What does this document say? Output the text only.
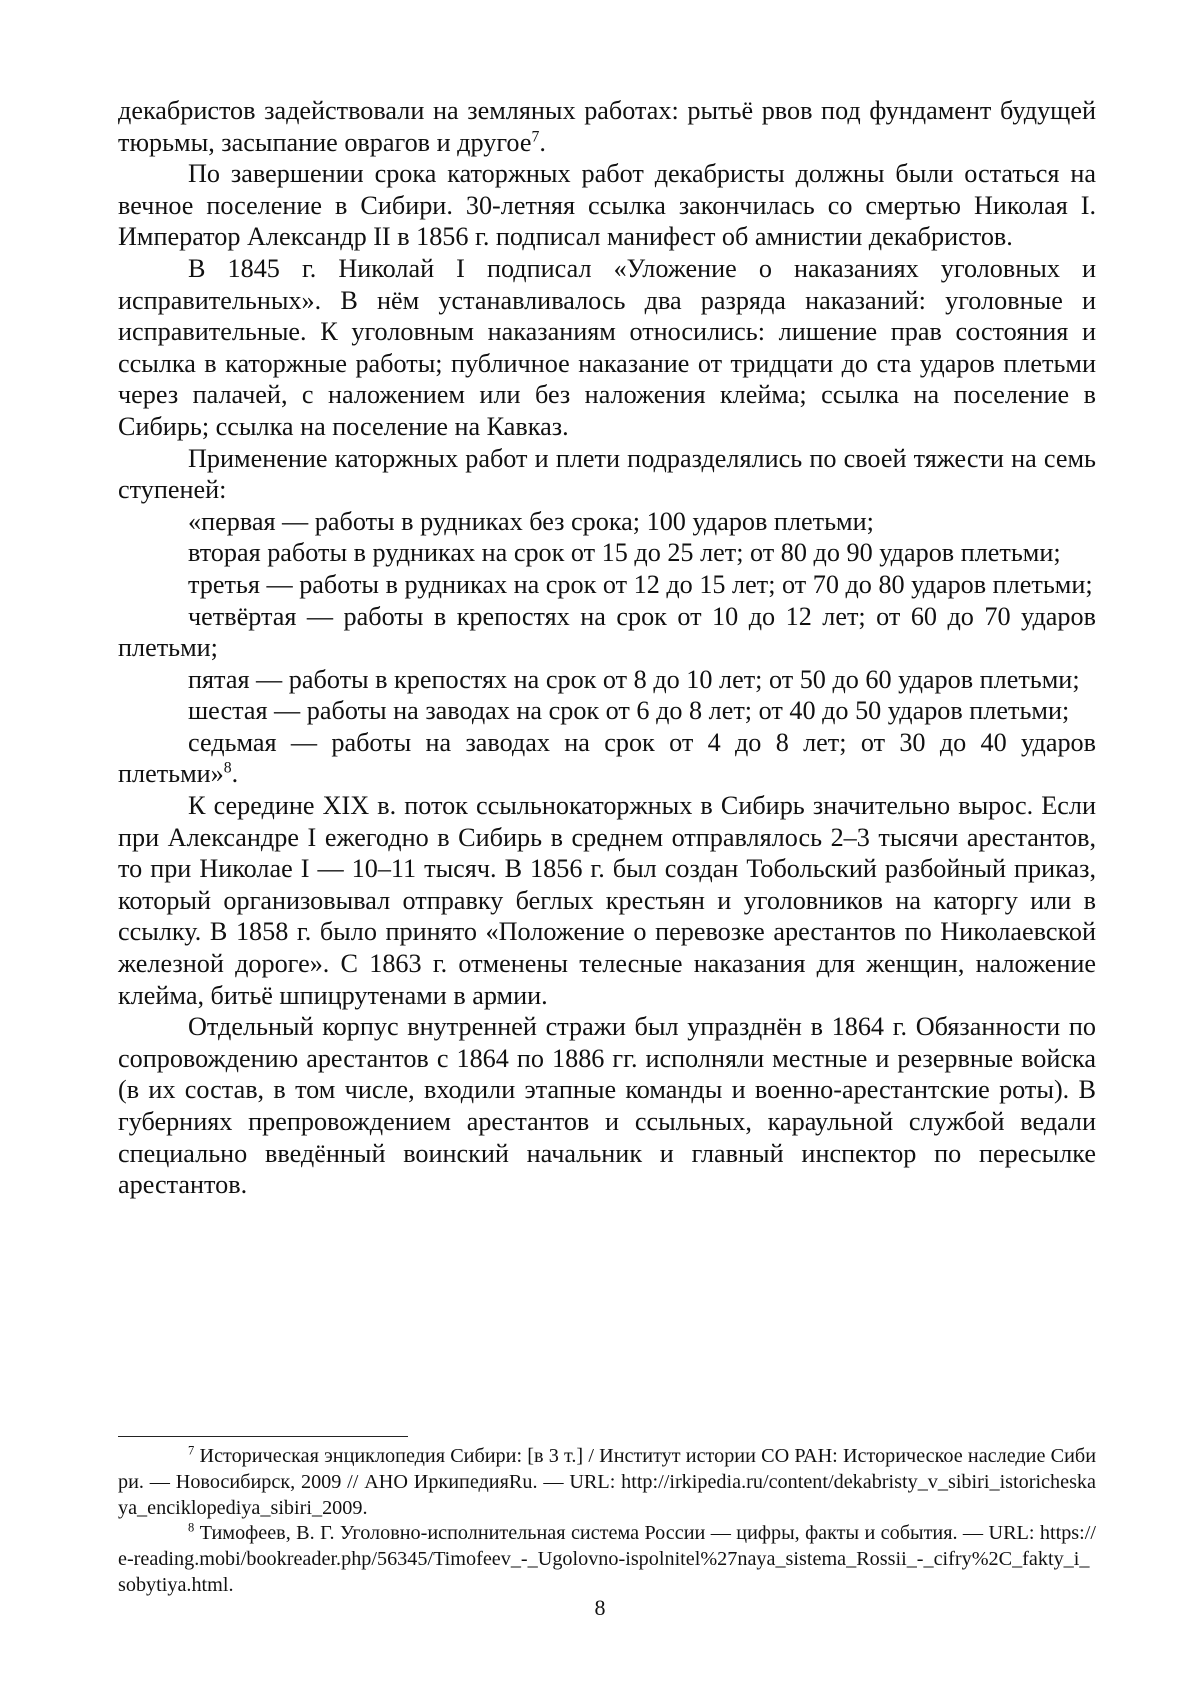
декабристов задействовали на земляных работах: рытьё рвов под фундамент будущей тюрьмы, засыпание оврагов и другое$^7$.

По завершении срока каторжных работ декабристы должны были остаться на вечное поселение в Сибири. 30-летняя ссылка закончилась со смертью Николая I. Император Александр II в 1856 г. подписал манифест об амнистии декабристов.

В 1845 г. Николай I подписал «Уложение о наказаниях уголовных и исправительных». В нём устанавливалось два разряда наказаний: уголовные и исправительные. К уголовным наказаниям относились: лишение прав состояния и ссылка в каторжные работы; публичное наказание от тридцати до ста ударов плетьми через палачей, с наложением или без наложения клейма; ссылка на поселение в Сибирь; ссылка на поселение на Кавказ.

Применение каторжных работ и плети подразделялись по своей тяжести на семь ступеней:

«первая — работы в рудниках без срока; 100 ударов плетьми;

вторая работы в рудниках на срок от 15 до 25 лет; от 80 до 90 ударов плетьми;

третья — работы в рудниках на срок от 12 до 15 лет; от 70 до 80 ударов плетьми;

четвёртая — работы в крепостях на срок от 10 до 12 лет; от 60 до 70 ударов плетьми;

пятая — работы в крепостях на срок от 8 до 10 лет; от 50 до 60 ударов плетьми;

шестая — работы на заводах на срок от 6 до 8 лет; от 40 до 50 ударов плетьми;

седьмая — работы на заводах на срок от 4 до 8 лет; от 30 до 40 ударов плетьми»$^8$.

К середине XIX в. поток ссыльнокаторжных в Сибирь значительно вырос. Если при Александре I ежегодно в Сибирь в среднем отправлялось 2–3 тысячи арестантов, то при Николае I — 10–11 тысяч. В 1856 г. был создан Тобольский разбойный приказ, который организовывал отправку беглых крестьян и уголовников на каторгу или в ссылку. В 1858 г. было принято «Положение о перевозке арестантов по Николаевской железной дороге». С 1863 г. отменены телесные наказания для женщин, наложение клейма, битьё шпицрутенами в армии.

Отдельный корпус внутренней стражи был упразднён в 1864 г. Обязанности по сопровождению арестантов с 1864 по 1886 гг. исполняли местные и резервные войска (в их состав, в том числе, входили этапные команды и военно-арестантские роты). В губерниях препровождением арестантов и ссыльных, караульной службой ведали специально введённый воинский начальник и главный инспектор по пересылке арестантов.

$^7$ Историческая энциклопедия Сибири: [в 3 т.] / Институт истории СО РАН: Историческое наследие Сибири. — Новосибирск, 2009 // АНО ИркипедияRu. — URL: http://irkipedia.ru/content/dekabristy_v_sibiri_istoricheskaya_enciklopediya_sibiri_2009.

$^8$ Тимофеев, В. Г. Уголовно-исполнительная система России — цифры, факты и события. — URL: https://e-reading.mobi/bookreader.php/56345/Timofeev_-_Ugolovno-ispolnitel%27naya_sistema_Rossii_-_cifry%2C_fakty_i_sobytiya.html.

8
